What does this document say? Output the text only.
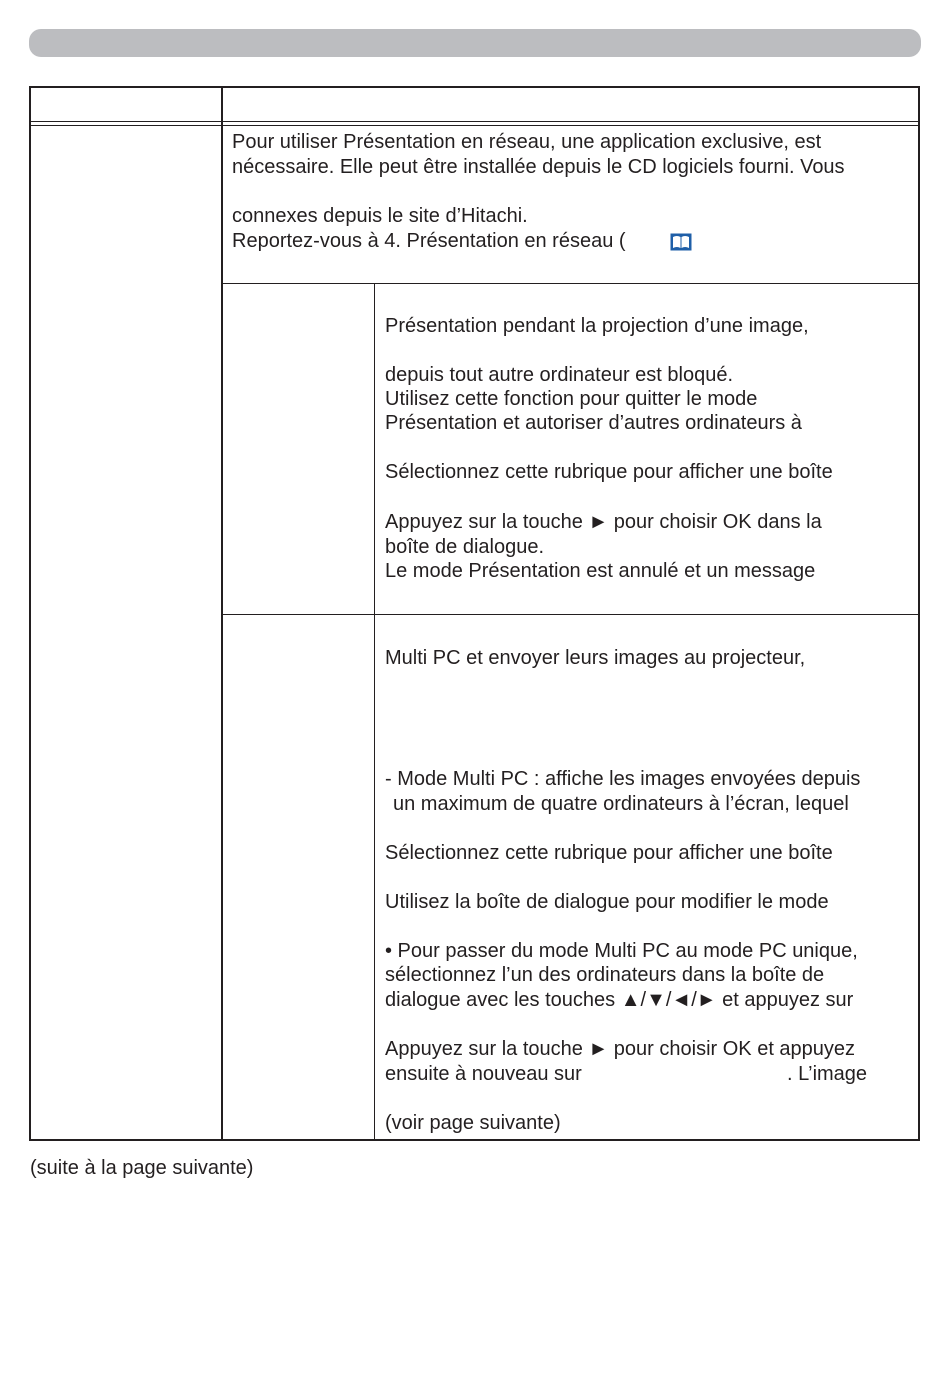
Pour utiliser Présentation en réseau, une application exclusive, est
nécessaire. Elle peut être installée depuis le CD logiciels fourni. Vous
connexes depuis le site d’Hitachi.
Reportez-vous à 4. Présentation en réseau (
Présentation pendant la projection d’une image,
depuis tout autre ordinateur est bloqué.
Utilisez cette fonction pour quitter le mode
Présentation et autoriser d’autres ordinateurs à
Sélectionnez cette rubrique pour afficher une boîte
Appuyez sur la touche ► pour choisir OK dans la
boîte de dialogue.
Le mode Présentation est annulé et un message
Multi PC et envoyer leurs images au projecteur,
- Mode Multi PC : affiche les images envoyées depuis
un maximum de quatre ordinateurs à l’écran, lequel
Sélectionnez cette rubrique pour afficher une boîte
Utilisez la boîte de dialogue pour modifier le mode
• Pour passer du mode Multi PC au mode PC unique,
sélectionnez l’un des ordinateurs dans la boîte de
dialogue avec les touches ▲/▼/◄/► et appuyez sur
Appuyez sur la touche ► pour choisir OK et appuyez
ensuite à nouveau sur	. L’image
(voir page suivante)
(suite à la page suivante)
